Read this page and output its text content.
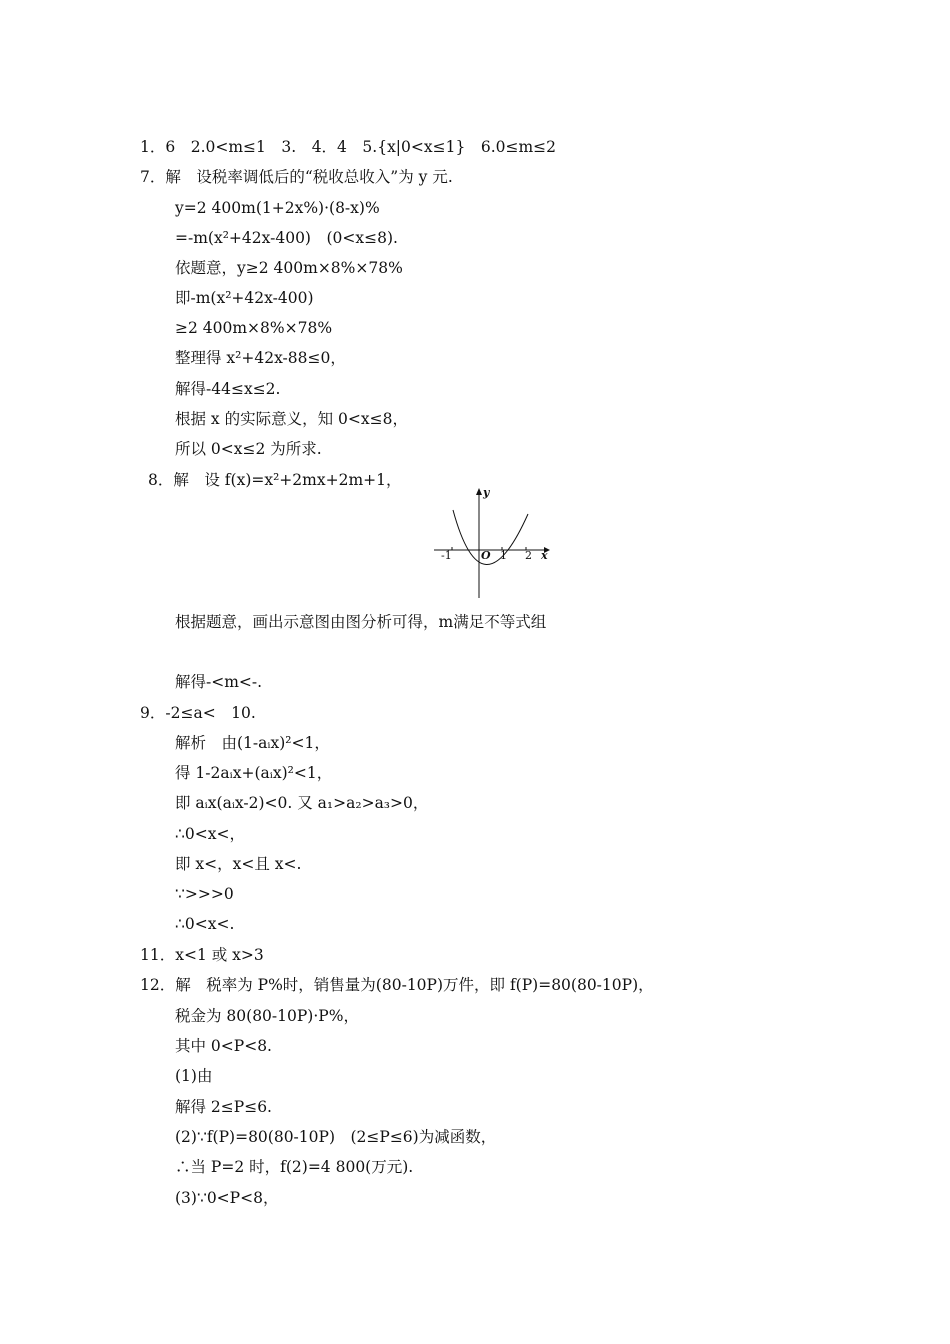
1．6　2.0<m≤1　3.　4．4　5.{x|0<x≤1}　6.0≤m≤2
7．解　设税率调低后的“税收总收入”为 y 元.
y=2 400m(1+2x%)·(8-x)%
=-m(x²+42x-400)　(0<x≤8).
依题意，y≥2 400m×8%×78%
即-m(x²+42x-400)
≥2 400m×8%×78%
整理得 x²+42x-88≤0，
解得-44≤x≤2.
根据 x 的实际意义，知 0<x≤8，
所以 0<x≤2 为所求.
8．解　设 f(x)=x²+2mx+2m+1，
y
x
O
-1	1 2
根据题意，画出示意图由图分析可得，m满足不等式组
解得-<m<-.
9．-2≤a<　10.
解析　由(1-aᵢx)²<1，
得 1-2aᵢx+(aᵢx)²<1，
即 aᵢx(aᵢx-2)<0. 又 a₁>a₂>a₃>0，
∴0<x<，
即 x<，x<且 x<.
∵>>>0
∴0<x<.
11．x<1 或 x>3
12．解　税率为 P%时，销售量为(80-10P)万件，即 f(P)=80(80-10P)，
税金为 80(80-10P)·P%，
其中 0<P<8.
(1)由
解得 2≤P≤6.
(2)∵f(P)=80(80-10P)　(2≤P≤6)为减函数，
∴当 P=2 时，f(2)=4 800(万元).
(3)∵0<P<8，
